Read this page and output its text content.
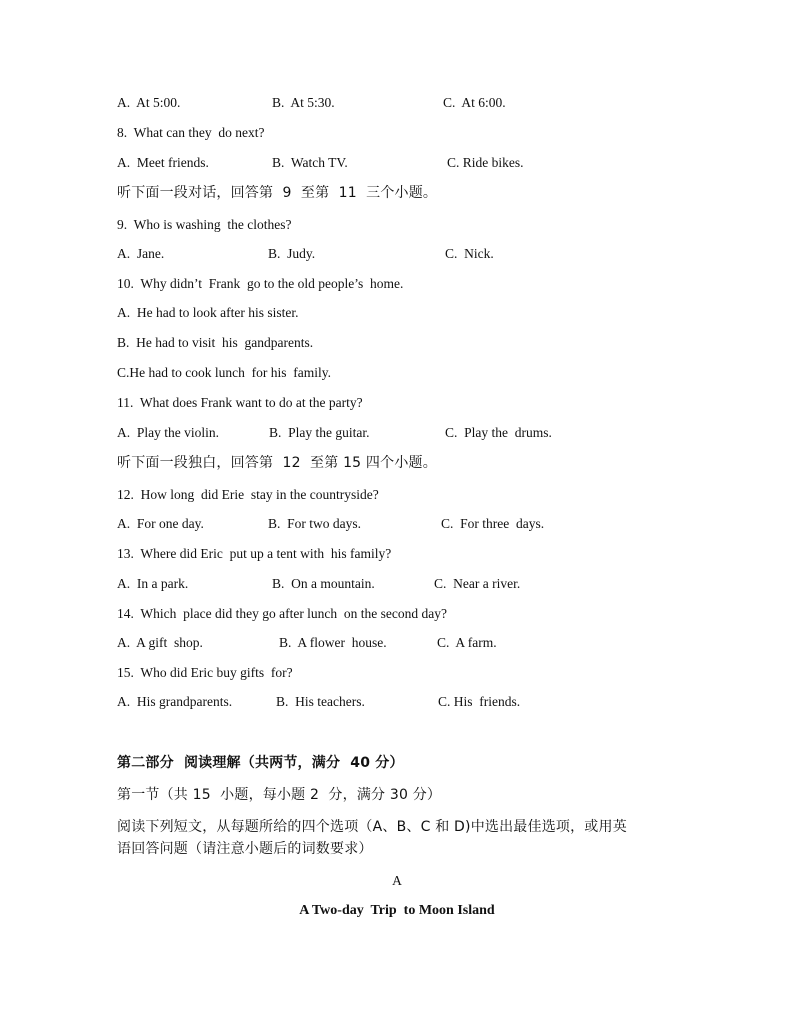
A.  At 5:00.	B.  At 5:30.	C.  At 6:00.
8.  What can they  do next?
A.  Meet friends.	B.  Watch TV.	C. Ride bikes.
听下面一段对话，回答第  9  至第  11  三个小题。
9.  Who is washing  the clothes?
A.  Jane.	B.  Judy.	C.  Nick.
10.  Why didn’t  Frank  go to the old people’s  home.
A.  He had to look after his sister.
B.  He had to visit  his  gandparents.
C.He had to cook lunch  for his  family.
11.  What does Frank want to do at the party?
A.  Play the violin.	B.  Play the guitar.	C.  Play the  drums.
听下面一段独白，回答第  12  至第 15 四个小题。
12.  How long  did Erie  stay in the countryside?
A.  For one day.	B.  For two days.	C.  For three  days.
13.  Where did Eric  put up a tent with  his family?
A.  In a park.	B.  On a mountain.	C.  Near a river.
14.  Which  place did they go after lunch  on the second day?
A.  A gift  shop.	B.  A flower  house.	C.  A farm.
15.  Who did Eric buy gifts  for?
A.  His grandparents.	B.  His teachers.	C. His  friends.
第二部分  阅读理解（共两节，满分  40 分）
第一节（共 15  小题，每小题 2  分，满分 30 分）
阅读下列短文，从每题所给的四个选项（A、B、C 和 D)中选出最佳选项，或用英
语回答问题（请注意小题后的词数要求）
A
A Two-day  Trip  to Moon Island
